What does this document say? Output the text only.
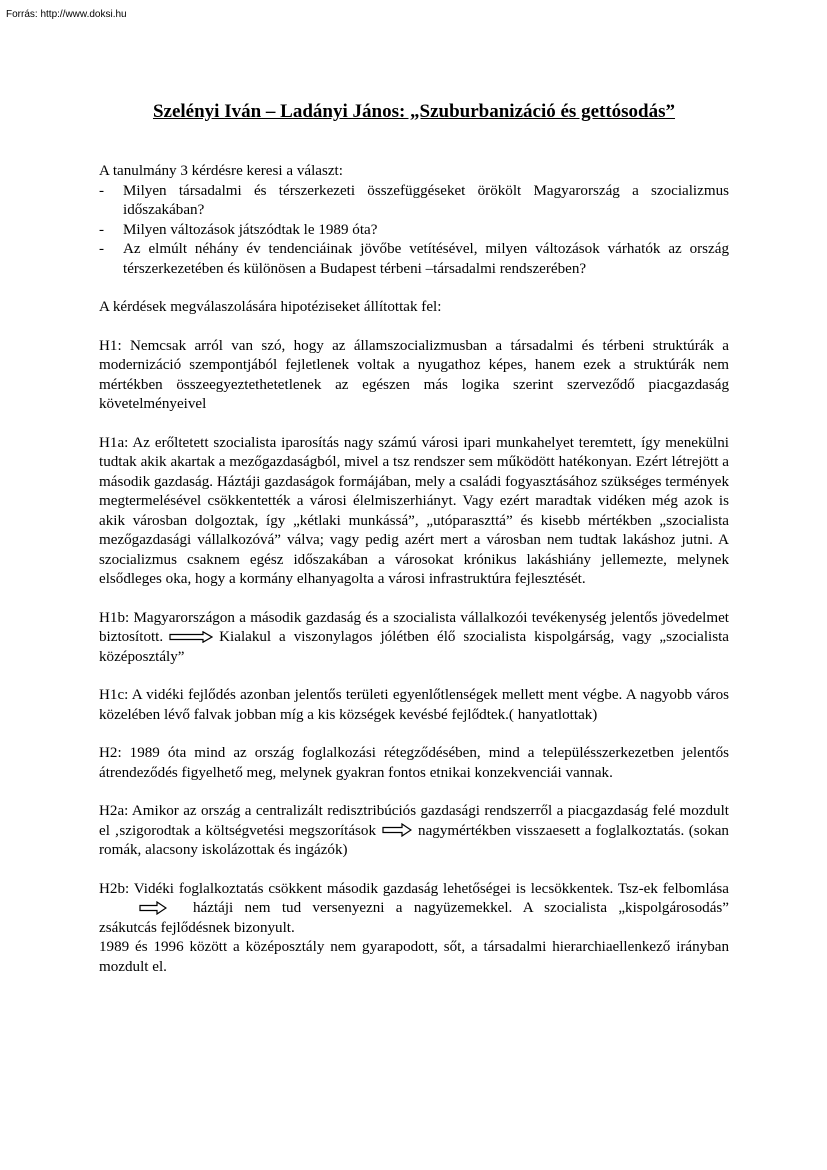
Forrás: http://www.doksi.hu
Szelényi Iván – Ladányi János: „Szuburbanizáció és gettósodás”

A tanulmány 3 kérdésre keresi a választ:

- Milyen társadalmi és térszerkezeti összefüggéseket örökölt Magyarország a szocializmus időszakában?
- Milyen változások játszódtak le 1989 óta?
- Az elmúlt néhány év tendenciáinak jövőbe vetítésével, milyen változások várhatók az ország térszerkezetében és különösen a Budapest térbeni –társadalmi rendszerében?

A kérdések megválaszolására hipotéziseket állítottak fel:

H1: Nemcsak arról van szó, hogy az államszocializmusban a társadalmi és térbeni struktúrák a modernizáció szempontjából fejletlenek voltak a nyugathoz képes, hanem ezek a struktúrák nem mértékben összeegyeztethetetlenek az egészen más logika szerint szerveződő piacgazdaság követelményeivel

H1a: Az erőltetett szocialista iparosítás nagy számú városi ipari munkahelyet teremtett, így menekülni tudtak akik akartak a mezőgazdaságból, mivel a tsz rendszer sem működött hatékonyan. Ezért létrejött a második gazdaság. Háztáji gazdaságok formájában, mely a családi fogyasztásához szükséges termények megtermelésével csökkentették a városi élelmiszerhiányt. Vagy ezért maradtak vidéken még azok is akik városban dolgoztak, így „kétlaki munkássá”, „utóparaszttá” és kisebb mértékben „szocialista mezőgazdasági vállalkozóvá” válva; vagy pedig azért mert a városban nem tudtak lakáshoz jutni. A szocializmus csaknem egész időszakában a városokat krónikus lakáshiány jellemezte, melynek elsődleges oka, hogy a kormány elhanyagolta a városi infrastruktúra fejlesztését.

H1b: Magyarországon a második gazdaság és a szocialista vállalkozói tevékenység jelentős jövedelmet biztosított.	Kialakul a viszonylagos jólétben élő szocialista kispolgárság, vagy „szocialista középosztály”

H1c: A vidéki fejlődés azonban jelentős területi egyenlőtlenségek mellett ment végbe. A nagyobb város közelében lévő falvak jobban míg a kis községek kevésbé fejlődtek.( hanyatlottak)

H2: 1989 óta mind az ország foglalkozási rétegződésében, mind a településszerkezetben jelentős átrendeződés figyelhető meg, melynek gyakran fontos etnikai konzekvenciái vannak.

H2a: Amikor az ország a centralizált redisztribúciós gazdasági rendszerről a piacgazdaság felé mozdult el ‚szigorodtak a költségvetési megszorítások	nagymértékben visszaesett a foglalkoztatás. (sokan romák, alacsony iskolázottak és ingázók)

H2b: Vidéki foglalkoztatás csökkent második gazdaság lehetőségei is lecsökkentek. Tsz-ek felbomlása
háztáji nem tud versenyezni a nagyüzemekkel. A szocialista „kispolgárosodás” zsákutcás fejlődésnek bizonyult.

1989 és 1996 között a középosztály nem gyarapodott, sőt, a társadalmi hierarchiaellenkező irányban mozdult el.
